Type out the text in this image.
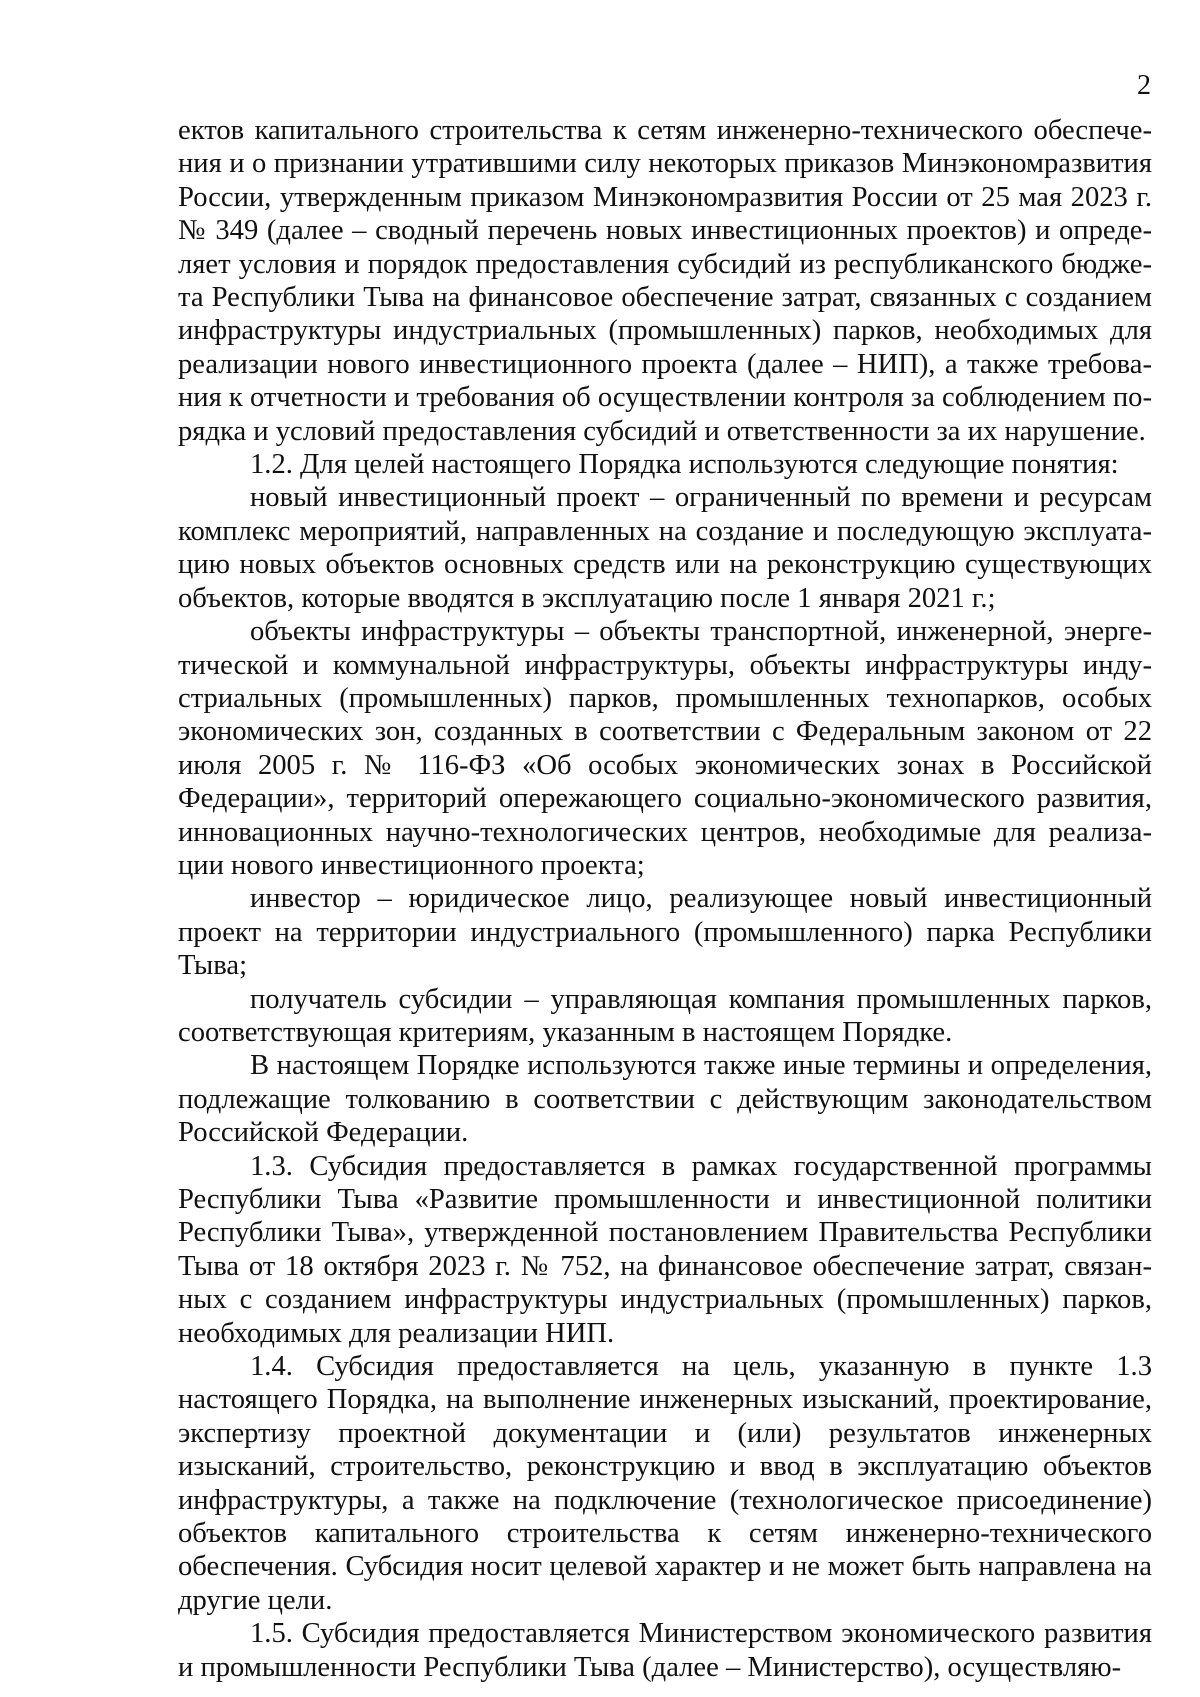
2

ектов капитального строительства к сетям инженерно-технического обеспечения и о признании утратившими силу некоторых приказов Минэкономразвития России, утвержденным приказом Минэкономразвития России от 25 мая 2023 г. № 349 (далее – сводный перечень новых инвестиционных проектов) и определяет условия и порядок предоставления субсидий из республиканского бюджета Республики Тыва на финансовое обеспечение затрат, связанных с созданием инфраструктуры индустриальных (промышленных) парков, необходимых для реализации нового инвестиционного проекта (далее – НИП), а также требования к отчетности и требования об осуществлении контроля за соблюдением порядка и условий предоставления субсидий и ответственности за их нарушение.

1.2. Для целей настоящего Порядка используются следующие понятия:

новый инвестиционный проект – ограниченный по времени и ресурсам комплекс мероприятий, направленных на создание и последующую эксплуатацию новых объектов основных средств или на реконструкцию существующих объектов, которые вводятся в эксплуатацию после 1 января 2021 г.;

объекты инфраструктуры – объекты транспортной, инженерной, энергетической и коммунальной инфраструктуры, объекты инфраструктуры индустриальных (промышленных) парков, промышленных технопарков, особых экономических зон, созданных в соответствии с Федеральным законом от 22 июля 2005 г. № 116-ФЗ «Об особых экономических зонах в Российской Федерации», территорий опережающего социально-экономического развития, инновационных научно-технологических центров, необходимые для реализации нового инвестиционного проекта;

инвестор – юридическое лицо, реализующее новый инвестиционный проект на территории индустриального (промышленного) парка Республики Тыва;

получатель субсидии – управляющая компания промышленных парков, соответствующая критериям, указанным в настоящем Порядке.

В настоящем Порядке используются также иные термины и определения, подлежащие толкованию в соответствии с действующим законодательством Российской Федерации.

1.3. Субсидия предоставляется в рамках государственной программы Республики Тыва «Развитие промышленности и инвестиционной политики Республики Тыва», утвержденной постановлением Правительства Республики Тыва от 18 октября 2023 г. № 752, на финансовое обеспечение затрат, связанных с созданием инфраструктуры индустриальных (промышленных) парков, необходимых для реализации НИП.

1.4. Субсидия предоставляется на цель, указанную в пункте 1.3 настоящего Порядка, на выполнение инженерных изысканий, проектирование, экспертизу проектной документации и (или) результатов инженерных изысканий, строительство, реконструкцию и ввод в эксплуатацию объектов инфраструктуры, а также на подключение (технологическое присоединение) объектов капитального строительства к сетям инженерно-технического обеспечения. Субсидия носит целевой характер и не может быть направлена на другие цели.

1.5. Субсидия предоставляется Министерством экономического развития и промышленности Республики Тыва (далее – Министерство), осуществляю-
